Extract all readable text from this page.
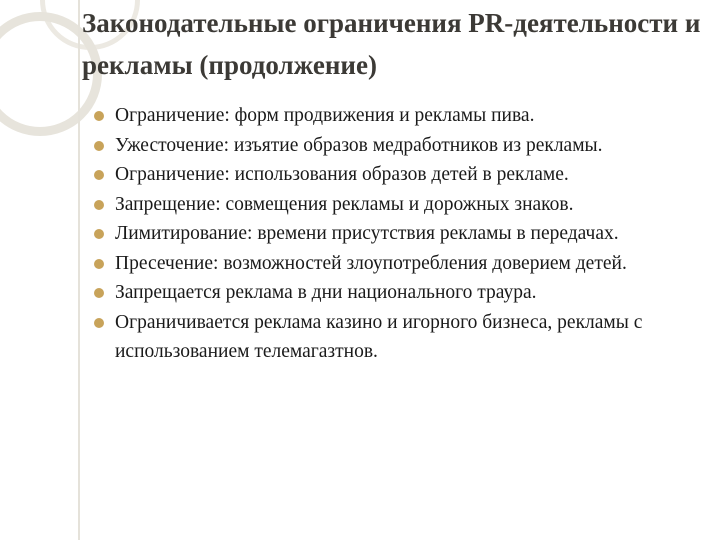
Законодательные ограничения PR-деятельности и рекламы (продолжение)
Ограничение: форм продвижения и рекламы пива.
Ужесточение: изъятие образов медработников из рекламы.
Ограничение: использования образов детей в рекламе.
Запрещение: совмещения рекламы и дорожных знаков.
Лимитирование: времени присутствия рекламы в передачах.
Пресечение: возможностей злоупотребления доверием детей.
Запрещается реклама в дни национального траура.
Ограничивается реклама казино и игорного бизнеса, рекламы с использованием телемагазтнов.
